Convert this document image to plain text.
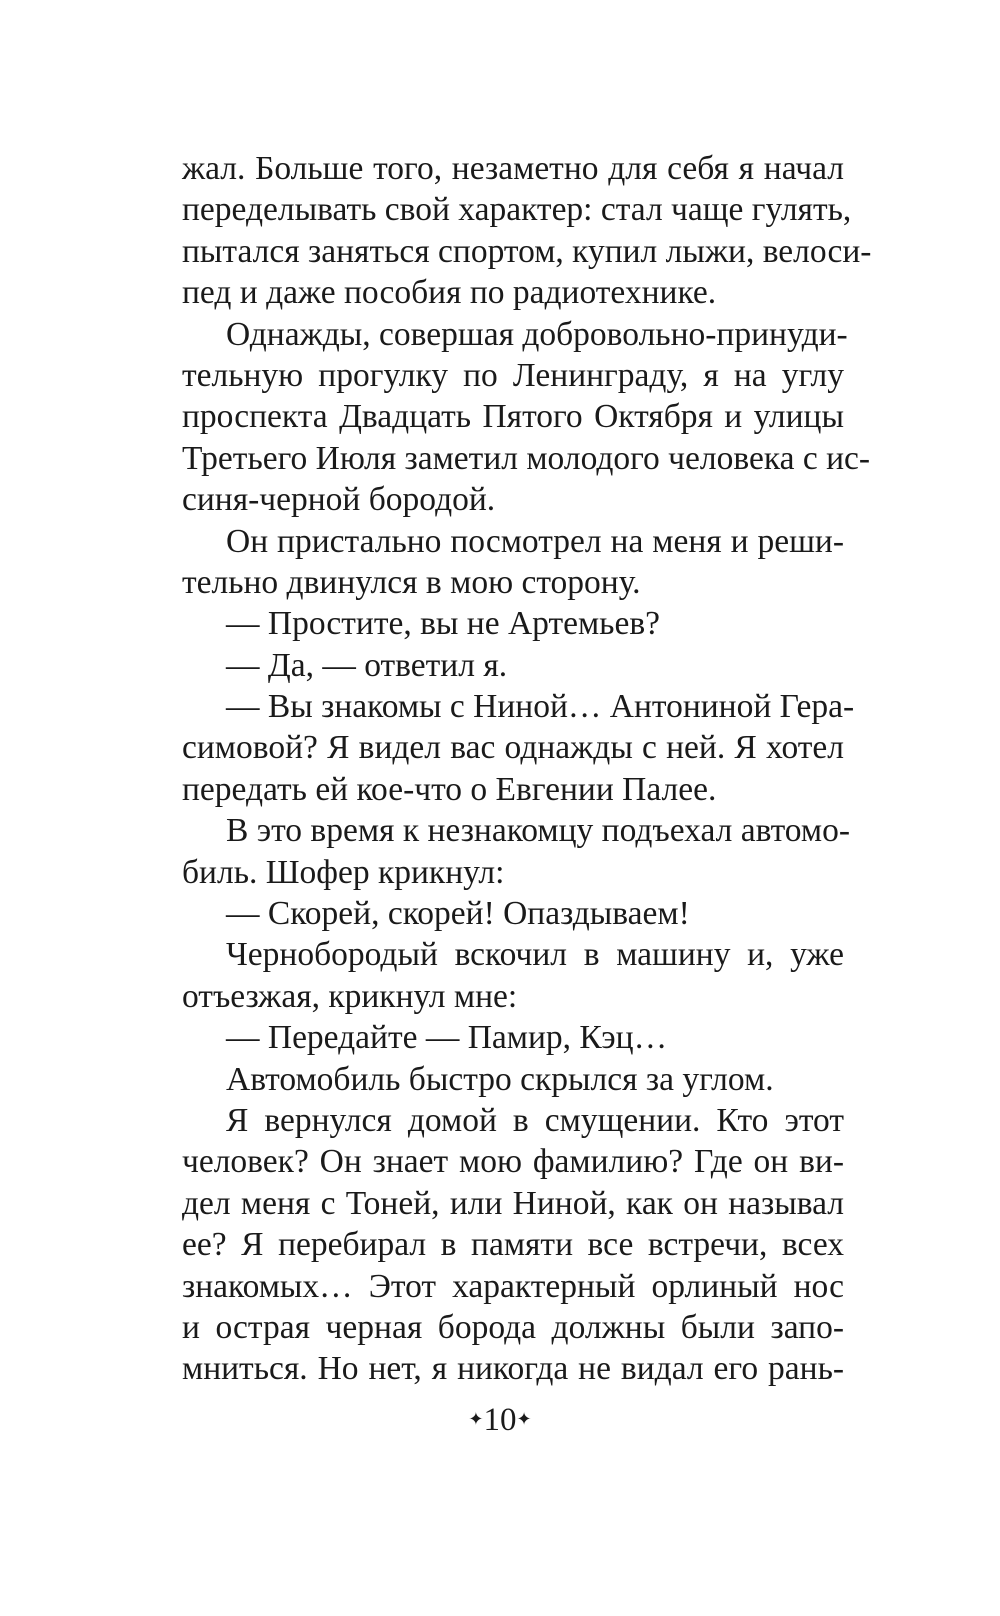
жал. Больше того, незаметно для себя я начал
переделывать свой характер: стал чаще гулять,
пытался заняться спортом, купил лыжи, велоси-
пед и даже пособия по радиотехнике.
Однажды, совершая добровольно-принуди-
тельную прогулку по Ленинграду, я на углу
проспекта Двадцать Пятого Октября и улицы
Третьего Июля заметил молодого человека с ис-
синя-черной бородой.
Он пристально посмотрел на меня и реши-
тельно двинулся в мою сторону.
— Простите, вы не Артемьев?
— Да, — ответил я.
— Вы знакомы с Ниной… Антониной Гера-
симовой? Я видел вас однажды с ней. Я хотел
передать ей кое-что о Евгении Палее.
В это время к незнакомцу подъехал автомо-
биль. Шофер крикнул:
— Скорей, скорей! Опаздываем!
Чернобородый вскочил в машину и, уже
отъезжая, крикнул мне:
— Передайте — Памир, Кэц…
Автомобиль быстро скрылся за углом.
Я вернулся домой в смущении. Кто этот
человек? Он знает мою фамилию? Где он ви-
дел меня с Тоней, или Ниной, как он называл
ее? Я перебирал в памяти все встречи, всех
знакомых… Этот характерный орлиный нос
и острая черная борода должны были запо-
мниться. Но нет, я никогда не видал его рань-
✦10✦
